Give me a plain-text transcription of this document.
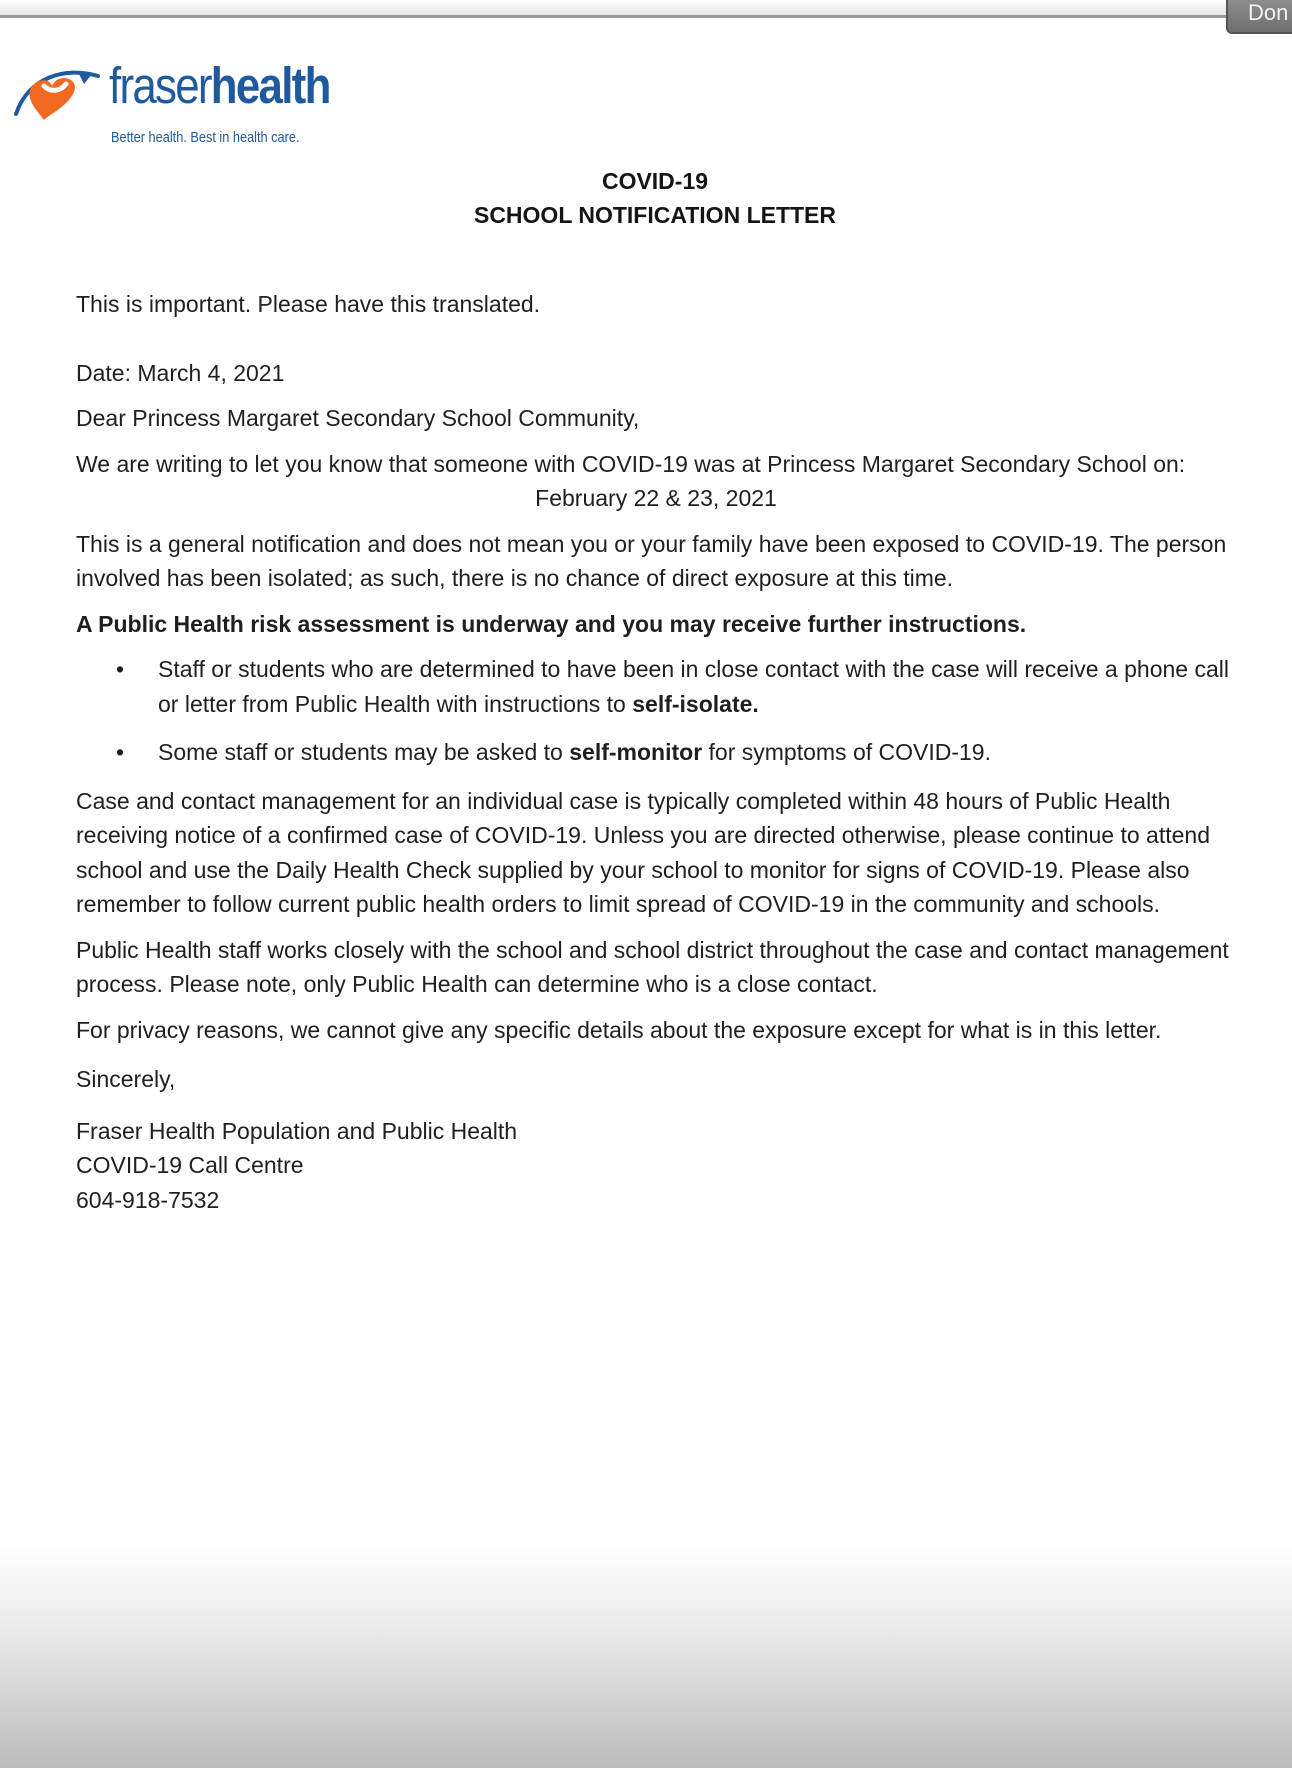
Don
fraserhealth
Better health. Best in health care.
COVID-19
SCHOOL NOTIFICATION LETTER

This is important. Please have this translated.

Date: March 4, 2021

Dear Princess Margaret Secondary School Community,

We are writing to let you know that someone with COVID-19 was at Princess Margaret Secondary School on:

February 22 & 23, 2021

This is a general notification and does not mean you or your family have been exposed to COVID-19. The person involved has been isolated; as such, there is no chance of direct exposure at this time.

A Public Health risk assessment is underway and you may receive further instructions.

• Staff or students who are determined to have been in close contact with the case will receive a phone call or letter from Public Health with instructions to self-isolate.
• Some staff or students may be asked to self-monitor for symptoms of COVID-19.

Case and contact management for an individual case is typically completed within 48 hours of Public Health receiving notice of a confirmed case of COVID-19. Unless you are directed otherwise, please continue to attend school and use the Daily Health Check supplied by your school to monitor for signs of COVID-19. Please also remember to follow current public health orders to limit spread of COVID-19 in the community and schools.

Public Health staff works closely with the school and school district throughout the case and contact management process. Please note, only Public Health can determine who is a close contact.

For privacy reasons, we cannot give any specific details about the exposure except for what is in this letter.

Sincerely,

Fraser Health Population and Public Health
COVID-19 Call Centre
604-918-7532
